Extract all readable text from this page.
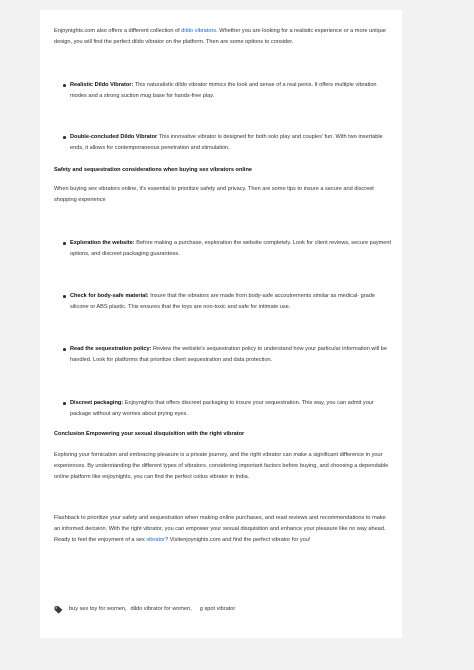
Enjoynights.com also offers a different collection of dildo vibrators. Whether you are looking for a realistic experience or a more unique design, you will find the perfect dildo vibrator on the platform. Then are some options to consider.

Realistic Dildo Vibrator: This naturalistic dildo vibrator mimics the look and sense of a real penis. It offers multiple vibration modes and a strong suction mug base for hands-free play.
Double-concluded Dildo Vibrator This innovative vibrator is designed for both solo play and couples' fun. With two insertable ends, it allows for contemporaneous penetration and stimulation.
Safety and sequestration considerations when buying sex vibrators online

When buying sex vibrators online, it's essential to prioritize safety and privacy. Then are some tips to insure a secure and discreet shopping experience

Exploration the website: Before making a purchase, exploration the website completely. Look for client reviews, secure payment options, and discreet packaging guarantees.
Check for body-safe material: Insure that the vibrators are made from body-safe accoutrements similar as medical- grade silicone or ABS plastic. This ensures that the toys are non-toxic and safe for intimate use.
Read the sequestration policy: Review the website's sequestration policy to understand how your particular information will be handled. Look for platforms that prioritize client sequestration and data protection.
Discreet packaging: Enjoynights that offers discreet packaging to insure your sequestration. This way, you can admit your package without any worries about prying eyes.
Conclusion Empowering your sexual disquisition with the right vibrator

Exploring your fornication and embracing pleasure is a private journey, and the right vibrator can make a significant difference in your experiences. By understanding the different types of vibrators, considering important factors before buying, and choosing a dependable online platform like enjoynights, you can find the perfect coitus vibrator in India.

Flashback to prioritize your safety and sequestration when making online purchases, and read reviews and recommendations to make an informed decision. With the right vibrator, you can empower your sexual disquisition and enhance your pleasure like no way ahead. Ready to feel the enjoyment of a sex vibrator? Visitenjoynights.com and find the perfect vibrator for you!

buy sex toy for women, dildo vibrator for women, g spot vibrator
